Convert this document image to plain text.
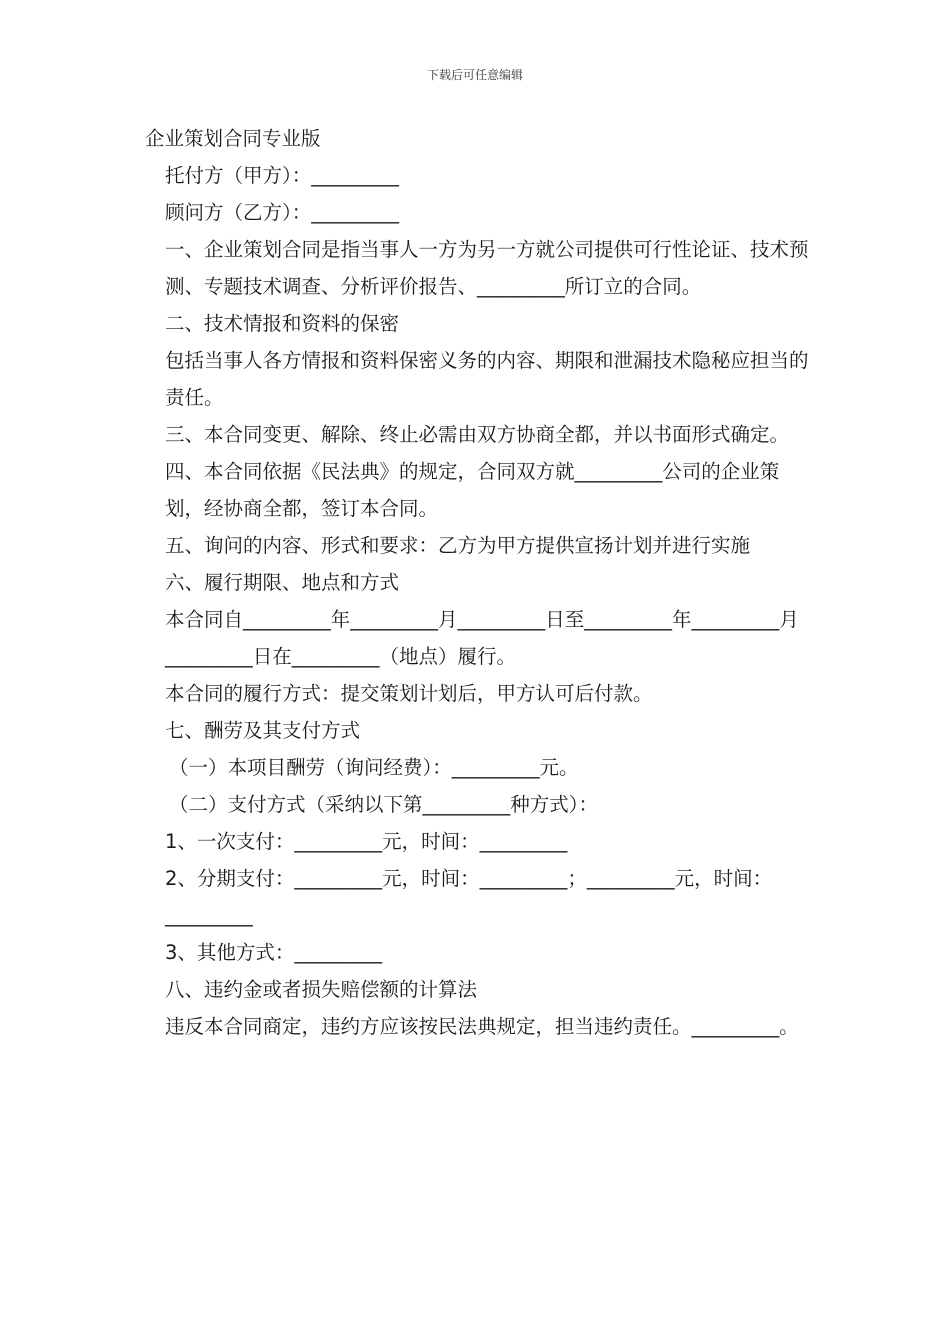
下载后可任意编辑

企业策划合同专业版

托付方（甲方）：_________

顾问方（乙方）：_________

一、企业策划合同是指当事人一方为另一方就公司提供可行性论证、技术预测、专题技术调查、分析评价报告、_________所订立的合同。

二、技术情报和资料的保密

包括当事人各方情报和资料保密义务的内容、期限和泄漏技术隐秘应担当的责任。

三、本合同变更、解除、终止必需由双方协商全都，并以书面形式确定。

四、本合同依据《民法典》的规定，合同双方就_________公司的企业策划，经协商全都，签订本合同。

五、询问的内容、形式和要求：乙方为甲方提供宣扬计划并进行实施

六、履行期限、地点和方式

本合同自_________年_________月_________日至_________年_________月_________日在_________（地点）履行。

本合同的履行方式：提交策划计划后，甲方认可后付款。

七、酬劳及其支付方式

（一）本项目酬劳（询问经费）：_________元。

（二）支付方式（采纳以下第_________种方式）：

1、一次支付：_________元，时间：_________

2、分期支付：_________元，时间：_________；_________元，时间：_________

3、其他方式：_________

八、违约金或者损失赔偿额的计算法

违反本合同商定，违约方应该按民法典规定，担当违约责任。_________。
